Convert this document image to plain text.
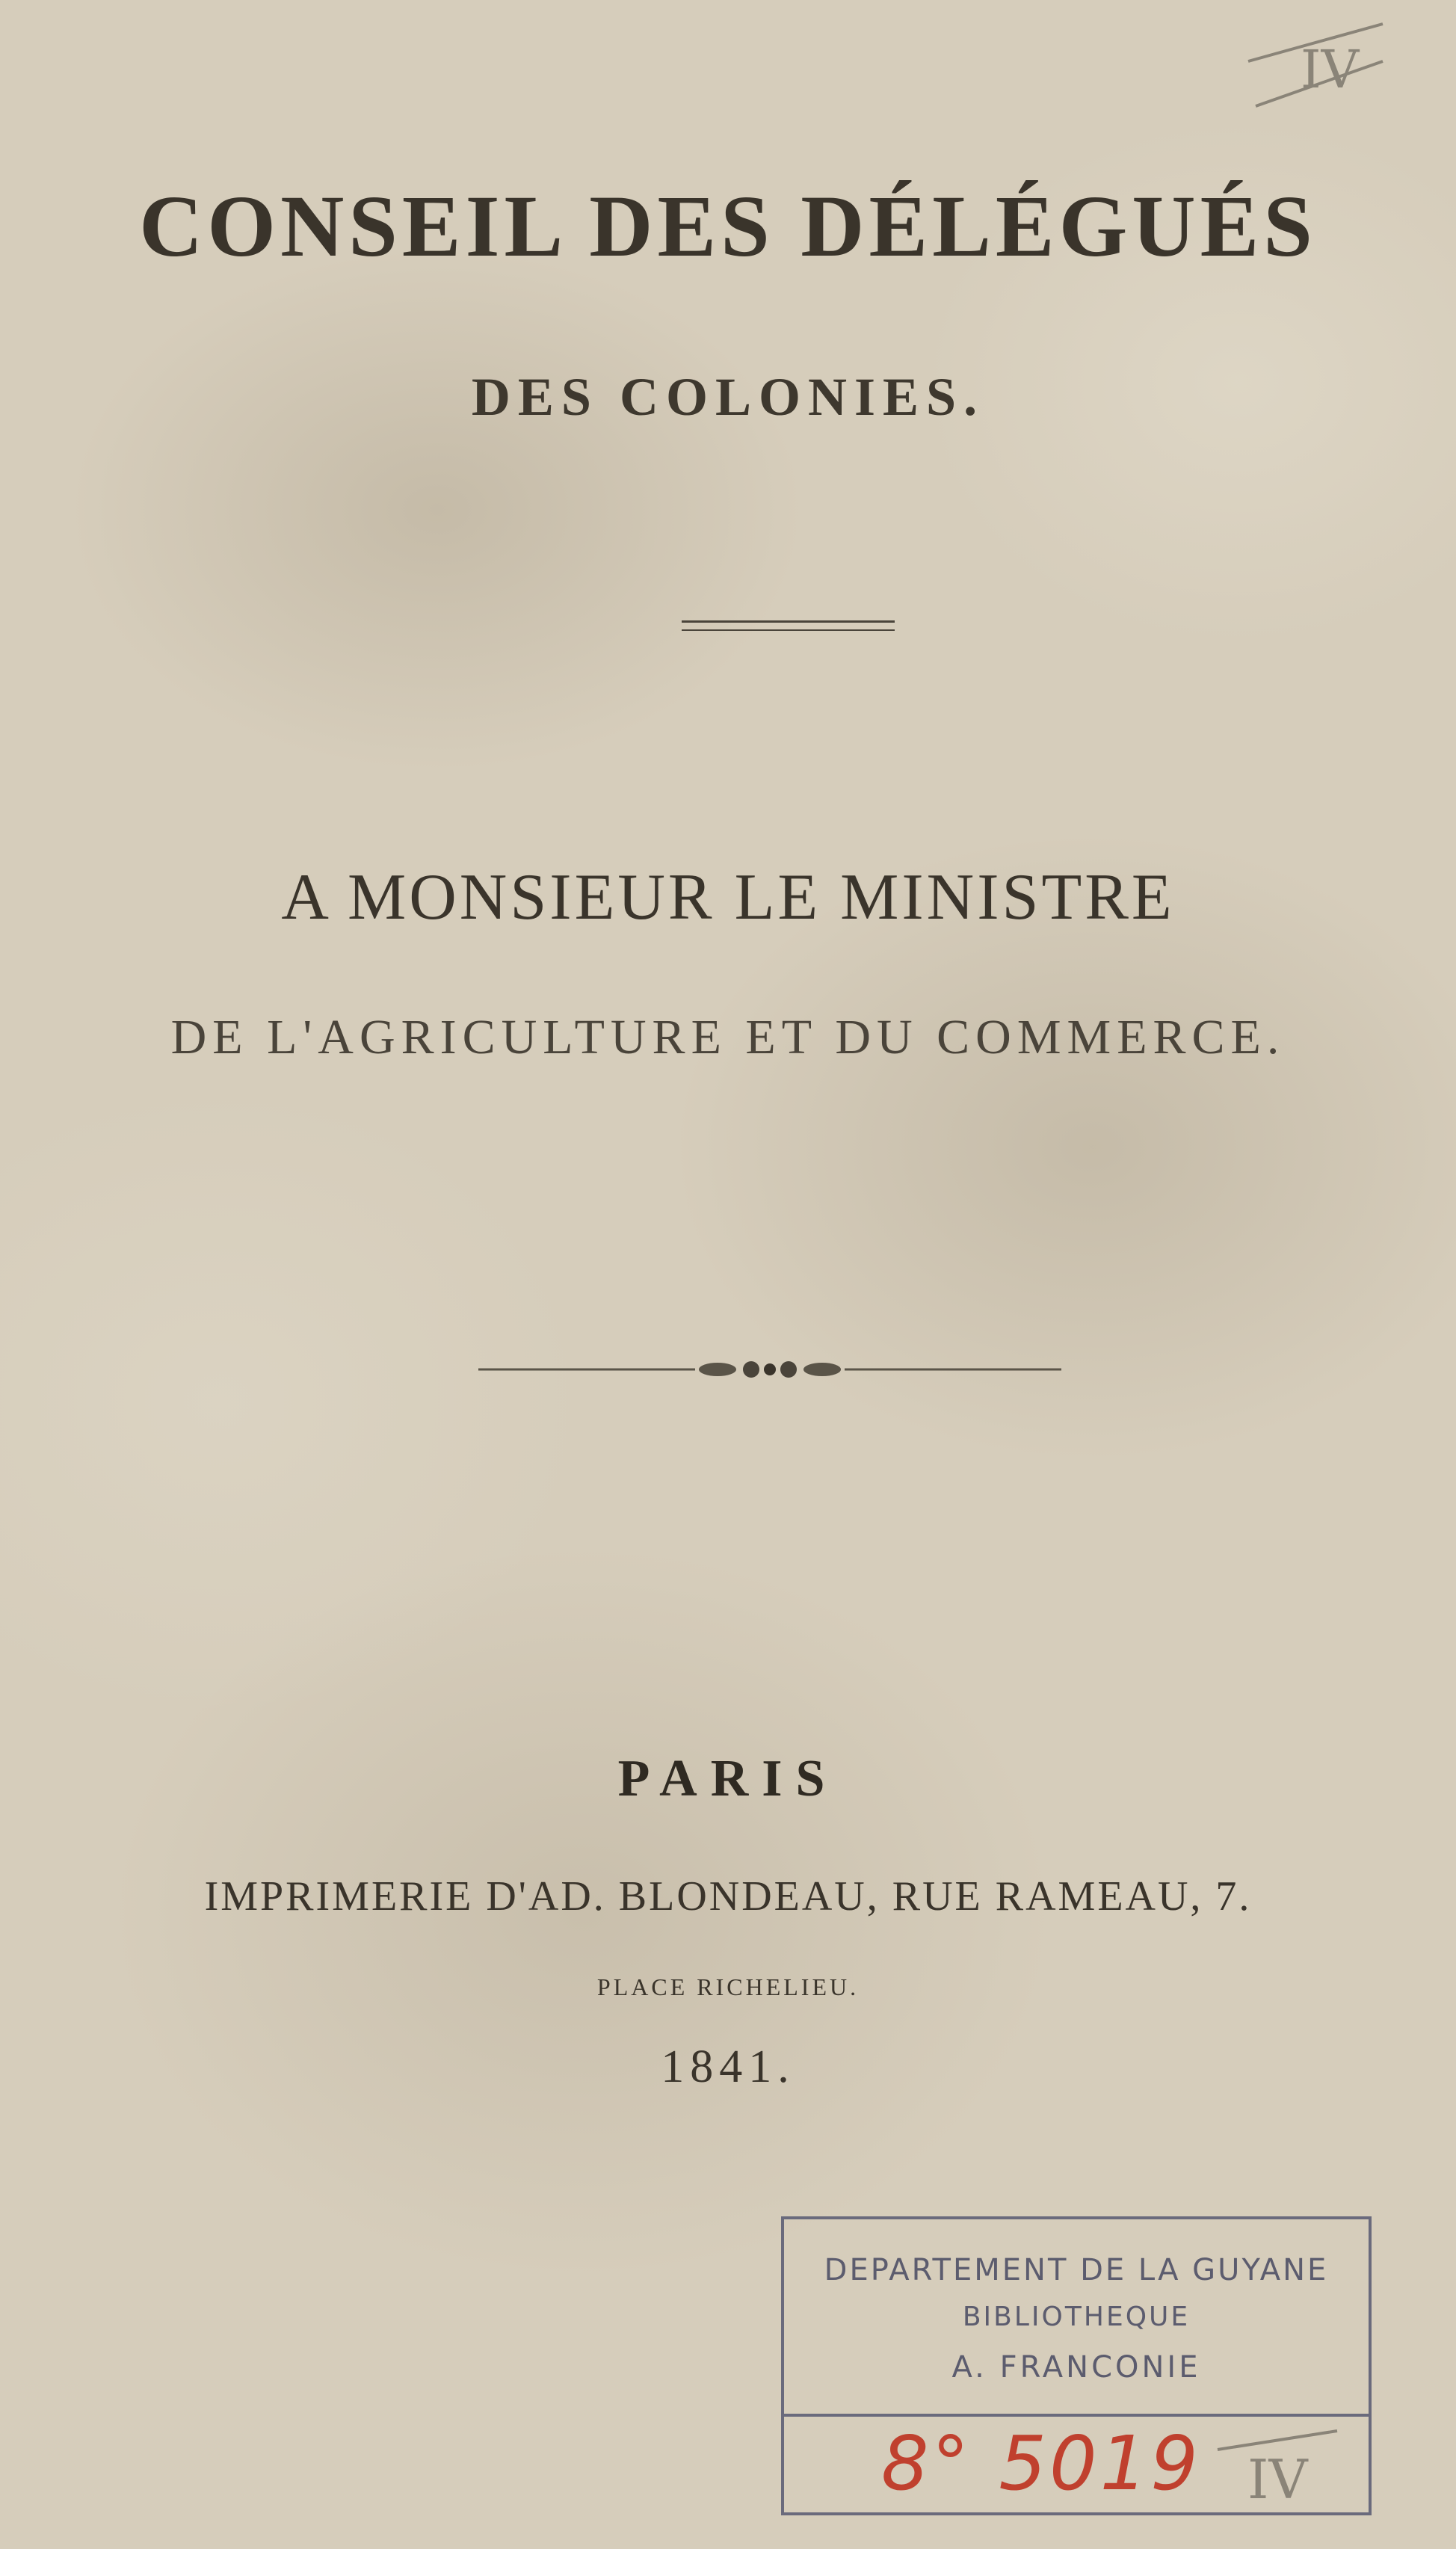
IV
CONSEIL DES DÉLÉGUÉS
DES COLONIES.
A MONSIEUR LE MINISTRE
DE L'AGRICULTURE ET DU COMMERCE.
PARIS
IMPRIMERIE D'AD. BLONDEAU, RUE RAMEAU, 7.
PLACE RICHELIEU.
1841.
DEPARTEMENT DE LA GUYANE
BIBLIOTHEQUE
A. FRANCONIE
8° 5019 IV
